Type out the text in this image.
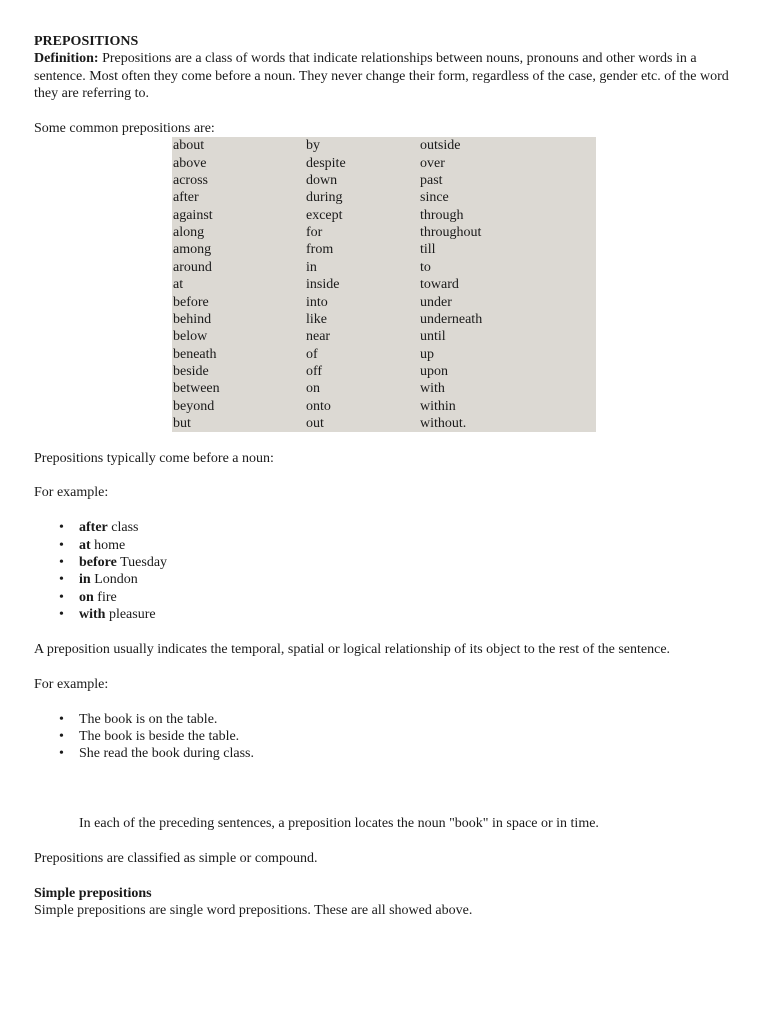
PREPOSITIONS

Definition: Prepositions are a class of words that indicate relationships between nouns, pronouns and other words in a sentence. Most often they come before a noun. They never change their form, regardless of the case, gender etc. of the word they are referring to.

Some common prepositions are:

about	by	outside
above	despite	over
across	down	past
after	during	since
against	except	through
along	for	throughout
among	from	till
around	in	to
at	inside	toward
before	into	under
behind	like	underneath
below	near	until
beneath	of	up
beside	off	upon
between	on	with
beyond	onto	within
but	out	without.

Prepositions typically come before a noun:

For example:

• after class
• at home
• before Tuesday
• in London
• on fire
• with pleasure

A preposition usually indicates the temporal, spatial or logical relationship of its object to the rest of the sentence.

For example:

• The book is on the table.
• The book is beside the table.
• She read the book during class.

In each of the preceding sentences, a preposition locates the noun "book" in space or in time.

Prepositions are classified as simple or compound.

Simple prepositions

Simple prepositions are single word prepositions. These are all showed above.
